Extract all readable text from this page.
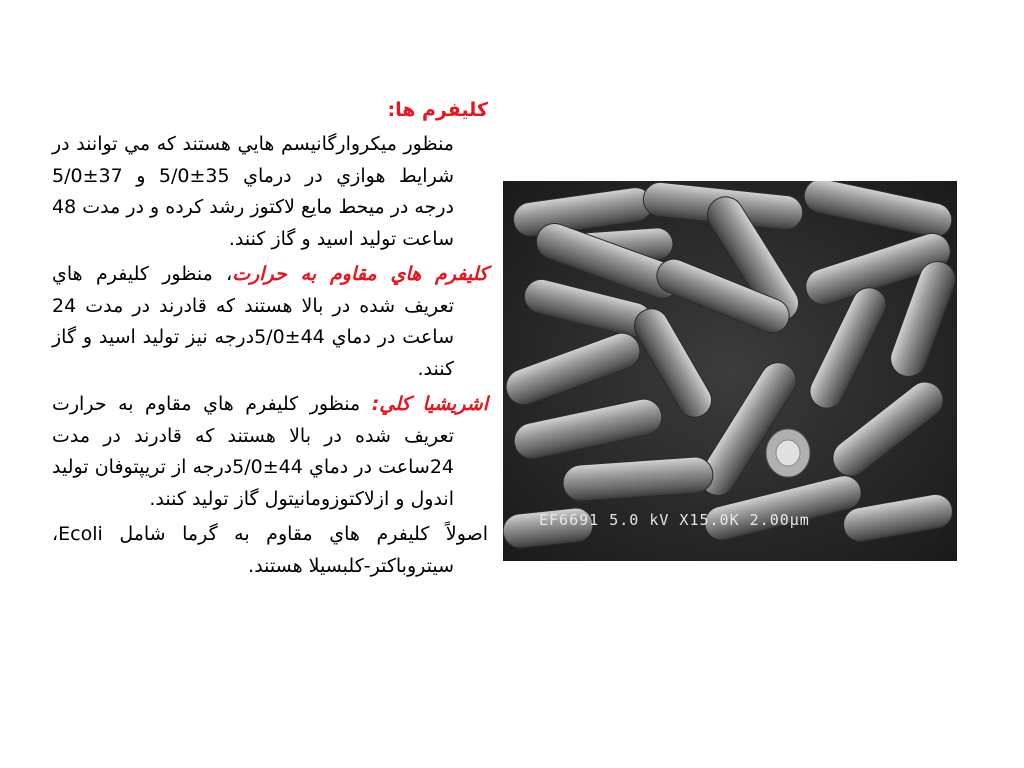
كليفرم ها:

منظور ميكروارگانيسم هايي هستند كه مي توانند در شرايط هوازي در درماي 35±5/0 و 37±5/0 درجه در ميحط مايع لاكتوز رشد كرده و در مدت 48 ساعت توليد اسيد و گاز كنند.

كليفرم هاي مقاوم به حرارت، منظور كليفرم هاي تعريف شده در بالا هستند كه قادرند در مدت 24 ساعت در دماي 44±5/0درجه نيز توليد اسيد و گاز كنند.

اشريشيا كلي: منظور كليفرم هاي مقاوم به حرارت تعريف شده در بالا هستند كه قادرند در مدت 24ساعت در دماي 44±5/0درجه از تريپتوفان توليد اندول و ازلاكتوزومانيتول گاز توليد كنند.

اصولاً كليفرم هاي مقاوم به گرما شامل Ecoli، سيتروباكتر-كلبسيلا هستند.

EF6691 5.0 kV X15.0K 2.00µm
